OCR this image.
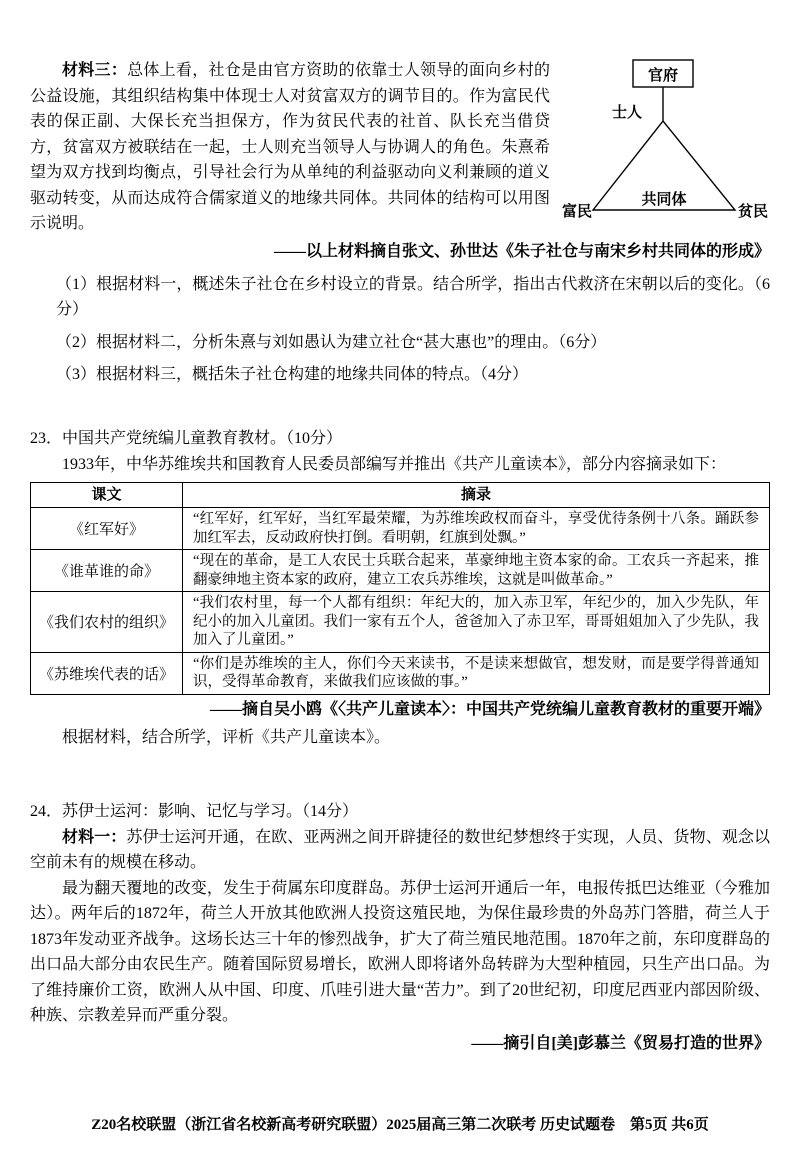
官府
士人
共同体
富民	贫民

材料三：总体上看，社仓是由官方资助的依靠士人领导的面向乡村的公益设施，其组织结构集中体现士人对贫富双方的调节目的。作为富民代表的保正副、大保长充当担保方，作为贫民代表的社首、队长充当借贷方，贫富双方被联结在一起，士人则充当领导人与协调人的角色。朱熹希望为双方找到均衡点，引导社会行为从单纯的利益驱动向义利兼顾的道义驱动转变，从而达成符合儒家道义的地缘共同体。共同体的结构可以用图示说明。

——以上材料摘自张文、孙世达《朱子社仓与南宋乡村共同体的形成》

（1）根据材料一，概述朱子社仓在乡村设立的背景。结合所学，指出古代救济在宋朝以后的变化。（6分）

（2）根据材料二，分析朱熹与刘如愚认为建立社仓“甚大惠也”的理由。（6分）

（3）根据材料三，概括朱子社仓构建的地缘共同体的特点。（4分）

23．中国共产党统编儿童教育教材。（10分）

1933年，中华苏维埃共和国教育人民委员部编写并推出《共产儿童读本》，部分内容摘录如下：

课文	摘录
《红军好》	“红军好，红军好，当红军最荣耀，为苏维埃政权而奋斗，享受优待条例十八条。踊跃参加红军去，反动政府快打倒。看明朝，红旗到处飘。”
《谁革谁的命》	“现在的革命，是工人农民士兵联合起来，革豪绅地主资本家的命。工农兵一齐起来，推翻豪绅地主资本家的政府，建立工农兵苏维埃，这就是叫做革命。”
《我们农村的组织》	“我们农村里，每一个人都有组织：年纪大的，加入赤卫军，年纪少的，加入少先队，年纪小的加入儿童团。我们一家有五个人，爸爸加入了赤卫军，哥哥姐姐加入了少先队，我加入了儿童团。”
《苏维埃代表的话》	“你们是苏维埃的主人，你们今天来读书，不是读来想做官，想发财，而是要学得普通知识，受得革命教育，来做我们应该做的事。”

——摘自吴小鸥《〈共产儿童读本〉：中国共产党统编儿童教育教材的重要开端》

根据材料，结合所学，评析《共产儿童读本》。

24．苏伊士运河：影响、记忆与学习。（14分）

材料一：苏伊士运河开通，在欧、亚两洲之间开辟捷径的数世纪梦想终于实现，人员、货物、观念以空前未有的规模在移动。

最为翻天覆地的改变，发生于荷属东印度群岛。苏伊士运河开通后一年，电报传抵巴达维亚（今雅加达）。两年后的1872年，荷兰人开放其他欧洲人投资这殖民地，为保住最珍贵的外岛苏门答腊，荷兰人于1873年发动亚齐战争。这场长达三十年的惨烈战争，扩大了荷兰殖民地范围。1870年之前，东印度群岛的出口品大部分由农民生产。随着国际贸易增长，欧洲人即将诸外岛转辟为大型种植园，只生产出口品。为了维持廉价工资，欧洲人从中国、印度、爪哇引进大量“苦力”。到了20世纪初，印度尼西亚内部因阶级、种族、宗教差异而严重分裂。

——摘引自[美]彭慕兰《贸易打造的世界》

Z20名校联盟（浙江省名校新高考研究联盟）2025届高三第二次联考 历史试题卷　第5页 共6页
